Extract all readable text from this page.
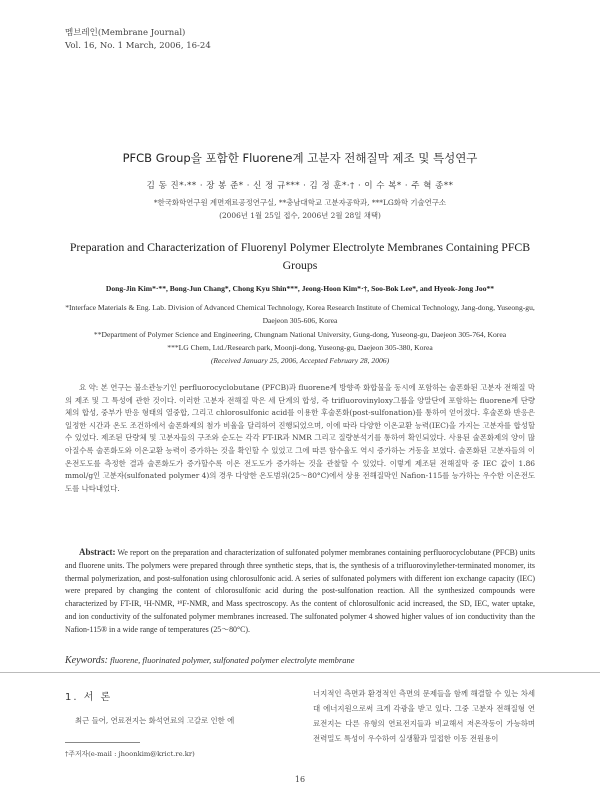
멤브레인(Membrane Journal)
Vol. 16, No. 1 March, 2006, 16-24
PFCB Group을 포함한 Fluorene계 고분자 전해질막 제조 및 특성연구
김 동 진*·** · 장 봉 준* · 신 정 규*** · 김 정 훈*·† · 이 수 복* · 주 혁 종**
*한국화학연구원 계면재료공정연구실, **충남대학교 고분자공학과, ***LG화학 기술연구소
(2006년 1월 25일 접수, 2006년 2월 28일 채택)
Preparation and Characterization of Fluorenyl Polymer Electrolyte Membranes Containing PFCB Groups
Dong-Jin Kim*·**, Bong-Jun Chang*, Chong Kyu Shin***, Jeong-Hoon Kim*·†, Soo-Bok Lee*, and Hyeok-Jong Joo**
*Interface Materials & Eng. Lab. Division of Advanced Chemical Technology, Korea Research Institute of Chemical Technology, Jang-dong, Yuseong-gu, Daejeon 305-606, Korea
**Department of Polymer Science and Engineering, Chungnam National University, Gung-dong, Yuseong-gu, Daejeon 305-764, Korea
***LG Chem, Ltd./Research park, Moonji-dong, Yuseong-gu, Daejeon 305-380, Korea
(Received January 25, 2006, Accepted February 28, 2006)
요 약: 본 연구는 불소관능기인 perfluorocyclobutane (PFCB)과 fluorene계 방향족 화합물을 동시에 포함하는 술폰화된 고분자 전해질 막의 제조 및 그 특성에 관한 것이다. 이러한 고분자 전해질 막은 세 단계의 합성, 즉 trifluorovinyloxy그룹을 양말단에 포함하는 fluorene계 단량체의 합성, 중부가 반응 형태의 열중합, 그리고 chlorosulfonic acid를 이용한 후술폰화(post-sulfonation)를 통하여 얻어졌다. 후술폰화 반응은 일정한 시간과 온도 조건하에서 술폰화제의 첨가 비율을 달리하여 진행되었으며, 이에 따라 다양한 이온교환 능력(IEC)을 가지는 고분자를 합성할 수 있었다. 제조된 단량체 및 고분자들의 구조와 순도는 각각 FT-IR과 NMR 그리고 질량분석기를 통하여 확인되었다. 사용된 술폰화제의 양이 많아질수록 술폰화도와 이온교환 능력이 증가하는 것을 확인할 수 있었고 그에 따른 함수율도 역시 증가하는 거동을 보였다. 술폰화된 고분자들의 이온전도도를 측정한 결과 술폰화도가 증가할수록 이온 전도도가 증가하는 것을 관찰할 수 있었다. 이렇게 제조된 전해질막 중 IEC 값이 1.86 mmol/g인 고분자(sulfonated polymer 4)의 경우 다양한 온도범위(25～80°C)에서 상용 전해질막인 Nafion-115를 능가하는 우수한 이온전도도를 나타내었다.
Abstract: We report on the preparation and characterization of sulfonated polymer membranes containing perfluorocyclobutane (PFCB) units and fluorene units. The polymers were prepared through three synthetic steps, that is, the synthesis of a trifluorovinylether-terminated monomer, its thermal polymerization, and post-sulfonation using chlorosulfonic acid. A series of sulfonated polymers with different ion exchange capacity (IEC) were prepared by changing the content of chlorosulfonic acid during the post-sulfonation reaction. All the synthesized compounds were characterized by FT-IR, ¹H-NMR, ¹⁹F-NMR, and Mass spectroscopy. As the content of chlorosulfonic acid increased, the SD, IEC, water uptake, and ion conductivity of the sulfonated polymer membranes increased. The sulfonated polymer 4 showed higher values of ion conductivity than the Nafion-115® in a wide range of temperatures (25～80°C).
Keywords: fluorene, fluorinated polymer, sulfonated polymer electrolyte membrane
1. 서 론
최근 들어, 연료전지는 화석연료의 고갈로 인한 에
너지적인 측면과 환경적인 측면의 문제들을 함께 해결할 수 있는 차세대 에너지원으로써 크게 각광을 받고 있다. 그중 고분자 전해질형 연료전지는 다른 유형의 연료전지들과 비교해서 저온작동이 가능하며 전력밀도 특성이 우수하여 실생활과 밀접한 이동 전원용이
†주저자(e-mail : jhoonkim@krict.re.kr)
16
